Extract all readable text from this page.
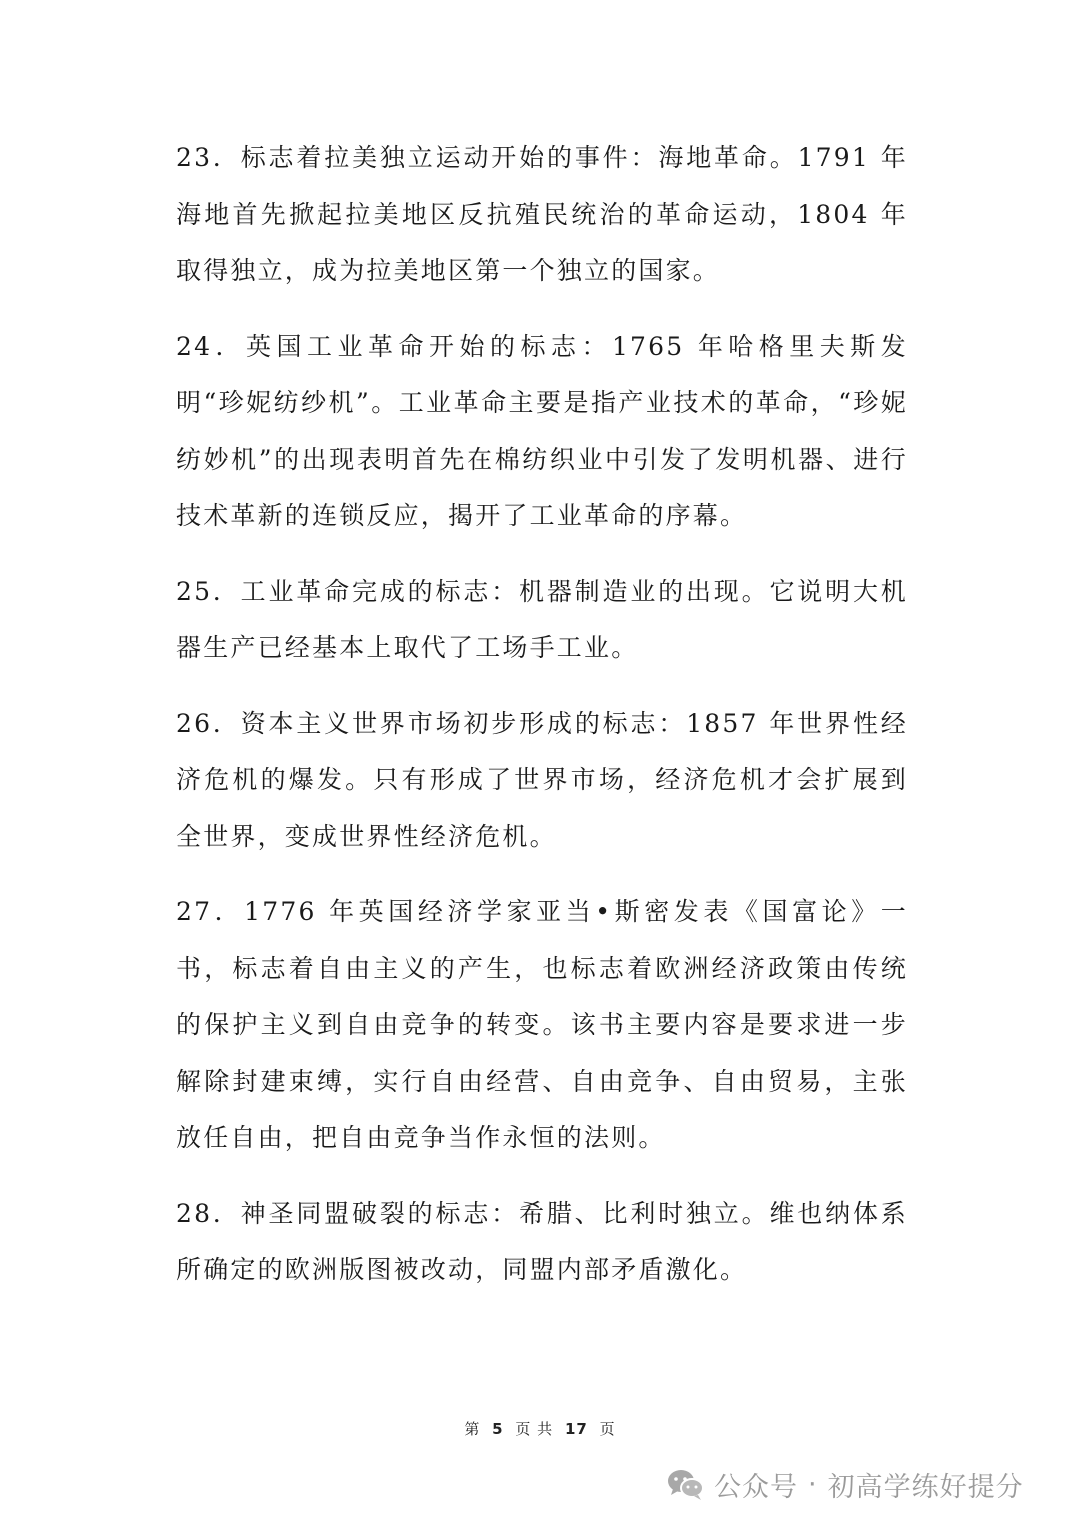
23．标志着拉美独立运动开始的事件：海地革命。1791 年海地首先掀起拉美地区反抗殖民统治的革命运动，1804 年取得独立，成为拉美地区第一个独立的国家。

24．英国工业革命开始的标志：1765 年哈格里夫斯发明“珍妮纺纱机”。工业革命主要是指产业技术的革命，“珍妮纺妙机”的出现表明首先在棉纺织业中引发了发明机器、进行技术革新的连锁反应，揭开了工业革命的序幕。

25．工业革命完成的标志：机器制造业的出现。它说明大机器生产已经基本上取代了工场手工业。

26．资本主义世界市场初步形成的标志：1857 年世界性经济危机的爆发。只有形成了世界市场，经济危机才会扩展到全世界，变成世界性经济危机。

27．1776 年英国经济学家亚当•斯密发表《国富论》一书，标志着自由主义的产生，也标志着欧洲经济政策由传统的保护主义到自由竞争的转变。该书主要内容是要求进一步解除封建束缚，实行自由经营、自由竞争、自由贸易，主张放任自由，把自由竞争当作永恒的法则。

28．神圣同盟破裂的标志：希腊、比利时独立。维也纳体系所确定的欧洲版图被改动，同盟内部矛盾激化。

第 5 页 共 17 页
公众号 · 初高学练好提分
